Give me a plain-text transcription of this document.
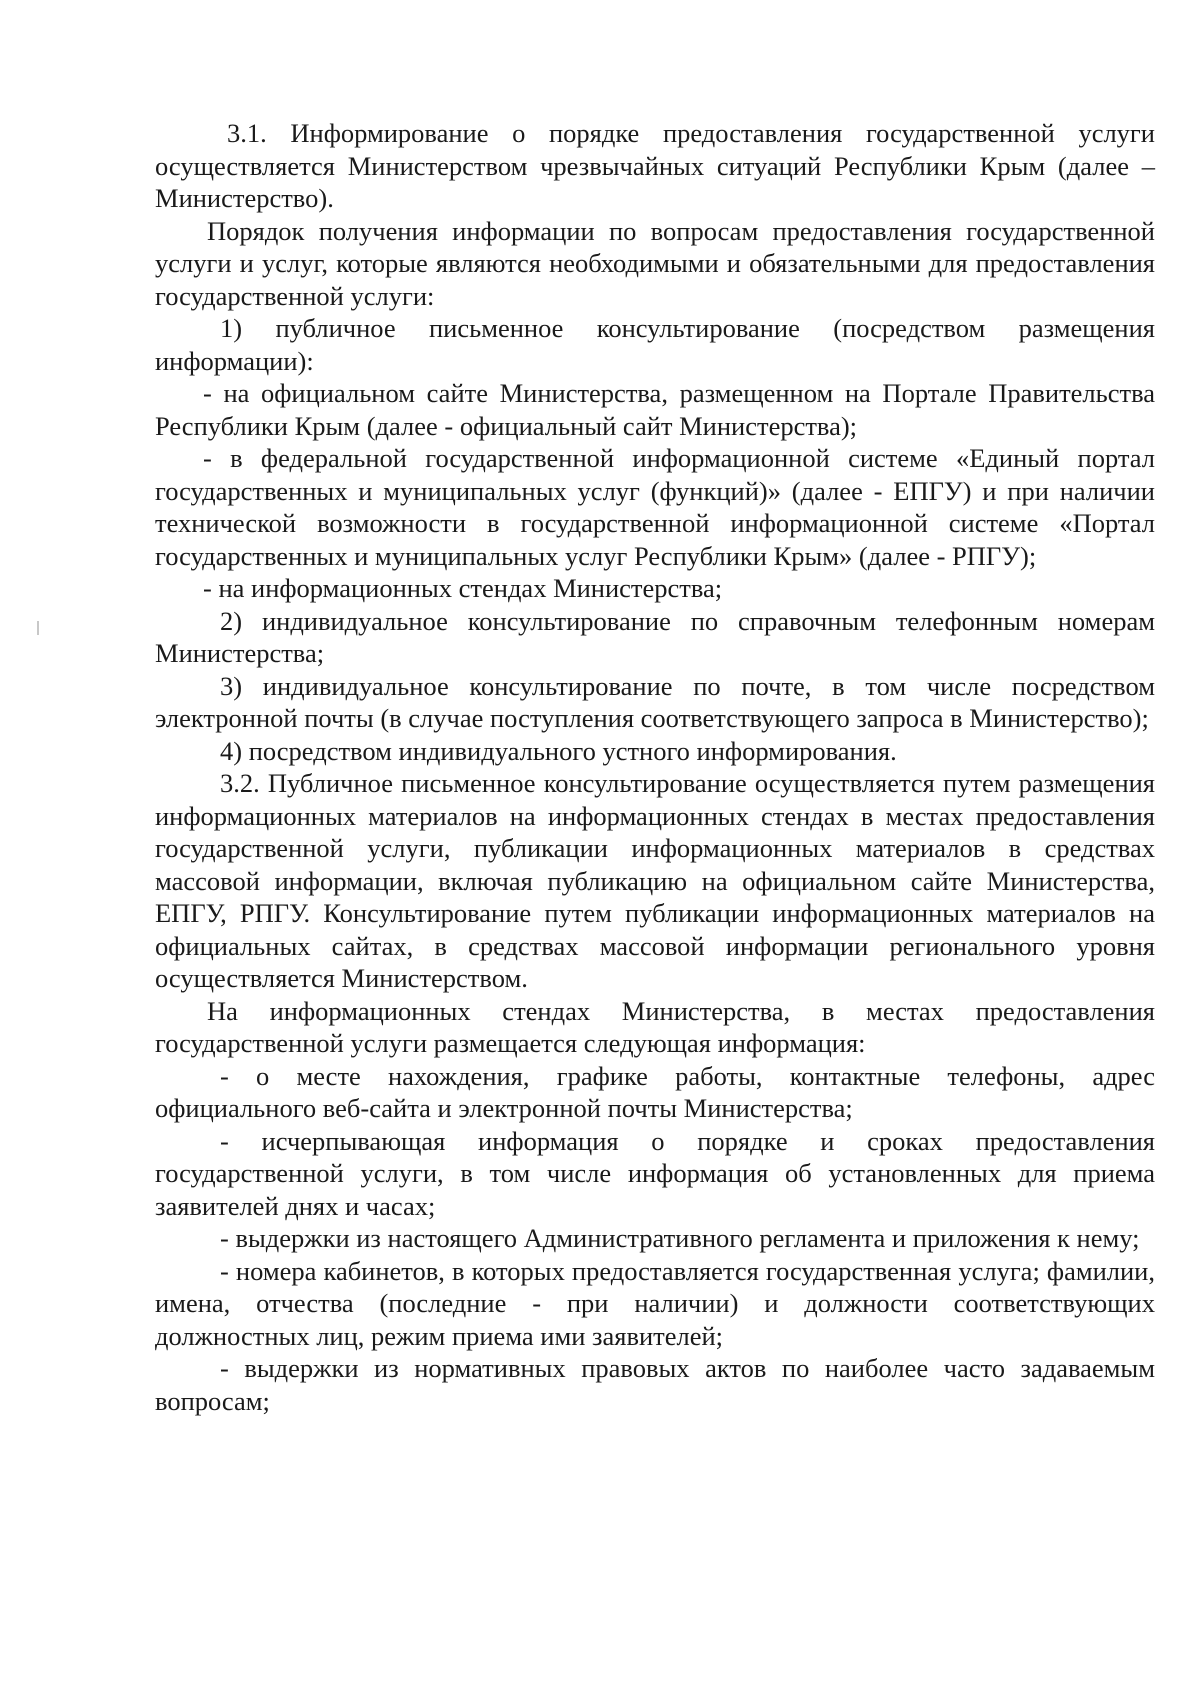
3.1. Информирование о порядке предоставления государственной услуги осуществляется Министерством чрезвычайных ситуаций Республики Крым (далее – Министерство).

Порядок получения информации по вопросам предоставления государственной услуги и услуг, которые являются необходимыми и обязательными для предоставления государственной услуги:

1) публичное письменное консультирование (посредством размещения информации):

- на официальном сайте Министерства, размещенном на Портале Правительства Республики Крым (далее - официальный сайт Министерства);

- в федеральной государственной информационной системе «Единый портал государственных и муниципальных услуг (функций)» (далее - ЕПГУ) и при наличии технической возможности в государственной информационной системе «Портал государственных и муниципальных услуг Республики Крым» (далее - РПГУ);

- на информационных стендах Министерства;

2) индивидуальное консультирование по справочным телефонным номерам Министерства;

3) индивидуальное консультирование по почте, в том числе посредством электронной почты (в случае поступления соответствующего запроса в Министерство);

4) посредством индивидуального устного информирования.

3.2. Публичное письменное консультирование осуществляется путем размещения информационных материалов на информационных стендах в местах предоставления государственной услуги, публикации информационных материалов в средствах массовой информации, включая публикацию на официальном сайте Министерства, ЕПГУ, РПГУ. Консультирование путем публикации информационных материалов на официальных сайтах, в средствах массовой информации регионального уровня осуществляется Министерством.

На информационных стендах Министерства, в местах предоставления государственной услуги размещается следующая информация:

- о месте нахождения, графике работы, контактные телефоны, адрес официального веб-сайта и электронной почты Министерства;

- исчерпывающая информация о порядке и сроках предоставления государственной услуги, в том числе информация об установленных для приема заявителей днях и часах;

- выдержки из настоящего Административного регламента и приложения к нему;

- номера кабинетов, в которых предоставляется государственная услуга; фамилии, имена, отчества (последние - при наличии) и должности соответствующих должностных лиц, режим приема ими заявителей;

- выдержки из нормативных правовых актов по наиболее часто задаваемым вопросам;
